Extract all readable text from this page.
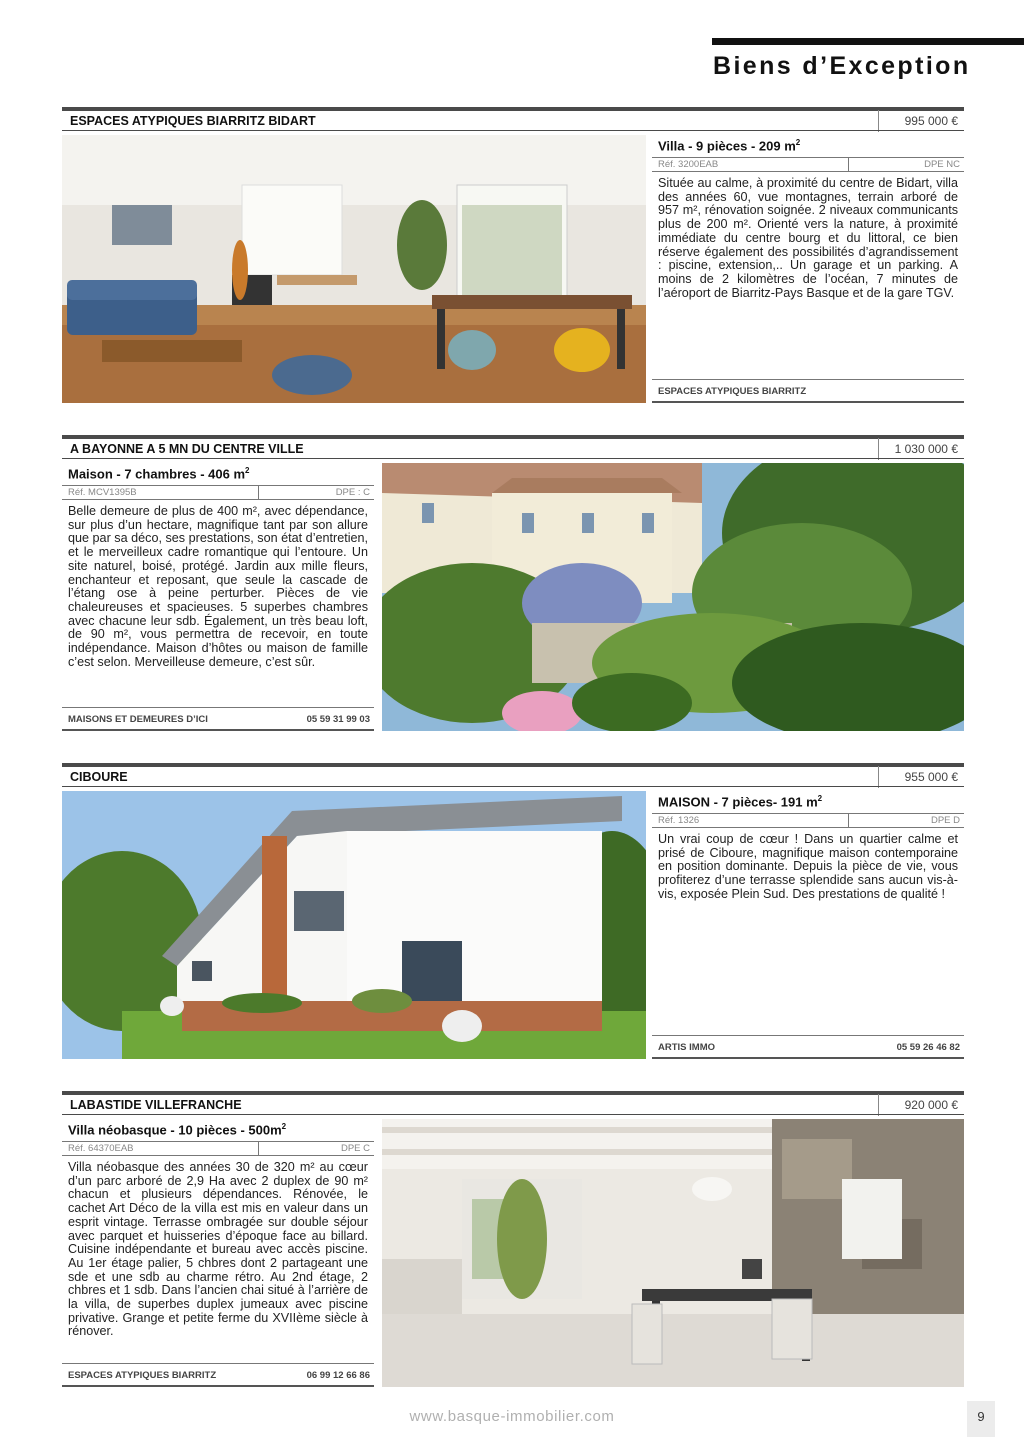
Biens d’Exception
ESPACES ATYPIQUES BIARRITZ BIDART	995 000 €
Villa - 9 pièces - 209 $m^2$
Réf. 3200EAB	DPE NC
Située au calme, à proximité du centre de Bidart, villa des années 60, vue montagnes, terrain arboré de 957 m², rénovation soignée. 2 niveaux communicants plus de 200 m². Orienté vers la nature, à proximité immédiate du centre bourg et du littoral, ce bien réserve également des possibilités d’agrandissement : piscine, extension,.. Un garage et un parking. A moins de 2 kilomètres de l’océan, 7 minutes de l’aéroport de Biarritz-Pays Basque et de la gare TGV.
ESPACES ATYPIQUES BIARRITZ
A BAYONNE A 5 MN DU CENTRE VILLE	1 030 000 €
Maison - 7 chambres - 406 $m^2$
Réf. MCV1395B	DPE : C
Belle demeure de plus de 400 m², avec dépendance, sur plus d’un hectare, magnifique tant par son allure que par sa déco, ses prestations, son état d’entretien, et le merveilleux cadre romantique qui l’entoure. Un site naturel, boisé, protégé. Jardin aux mille fleurs, enchanteur et reposant, que seule la cascade de l’étang ose à peine perturber. Pièces de vie chaleureuses et spacieuses. 5 superbes chambres avec chacune leur sdb. Également, un très beau loft, de 90 m², vous permettra de recevoir, en toute indépendance. Maison d’hôtes ou maison de famille c’est selon. Merveilleuse demeure, c’est sûr.
MAISONS ET DEMEURES D’ICI	05 59 31 99 03
CIBOURE	955 000 €
MAISON - 7 pièces- 191 $m^2$
Réf. 1326	DPE D
Un vrai coup de cœur ! Dans un quartier calme et prisé de Ciboure, magnifique maison contemporaine en position dominante. Depuis la pièce de vie, vous profiterez d’une terrasse splendide sans aucun vis-à-vis, exposée Plein Sud. Des prestations de qualité !
ARTIS IMMO	05 59 26 46 82
LABASTIDE VILLEFRANCHE	920 000 €
Villa néobasque - 10 pièces - $500m^2$
Réf. 64370EAB	DPE C
Villa néobasque des années 30 de 320 m² au cœur d’un parc arboré de 2,9 Ha avec 2 duplex de 90 m² chacun et plusieurs dépendances. Rénovée, le cachet Art Déco de la villa est mis en valeur dans un esprit vintage. Terrasse ombragée sur double séjour avec parquet et huisseries d’époque face au billard. Cuisine indépendante et bureau avec accès piscine. Au 1er étage palier, 5 chbres dont 2 partageant une sde et une sdb au charme rétro. Au 2nd étage, 2 chbres et 1 sdb. Dans l’ancien chai situé à l’arrière de la villa, de superbes duplex jumeaux avec piscine privative. Grange et petite ferme du XVIIème siècle à rénover.
ESPACES ATYPIQUES BIARRITZ	06 99 12 66 86
www.basque-immobilier.com	9
